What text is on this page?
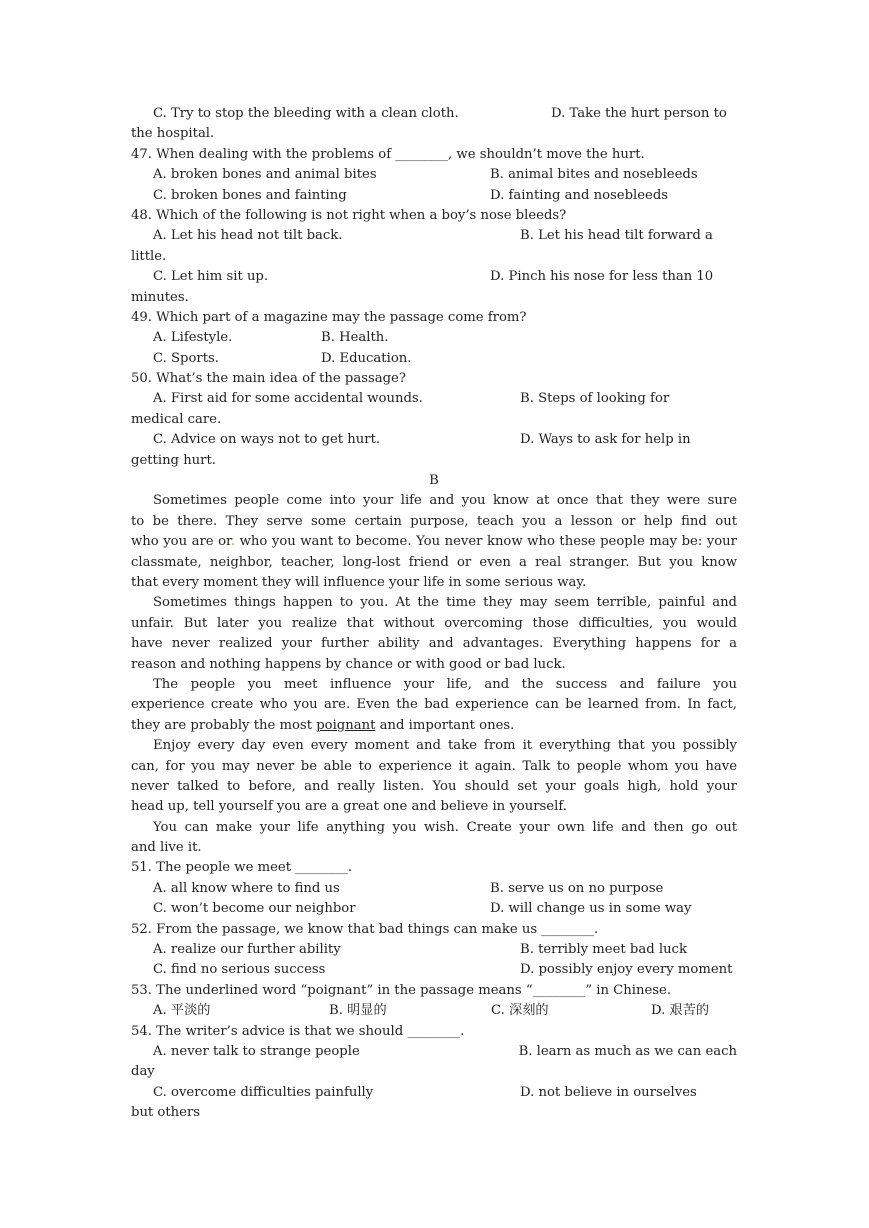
C. Try to stop the bleeding with a clean cloth.	D. Take the hurt person to
the hospital.
47. When dealing with the problems of ________, we shouldn’t move the hurt.
A. broken bones and animal bites	B. animal bites and nosebleeds
C. broken bones and fainting	D. fainting and nosebleeds
48. Which of the following is not right when a boy’s nose bleeds?
A. Let his head not tilt back.	B. Let his head tilt forward a
little.
C. Let him sit up.	D. Pinch his nose for less than 10
minutes.
49. Which part of a magazine may the passage come from?
A. Lifestyle.	B. Health.
C. Sports.	D. Education.
50. What’s the main idea of the passage?
A. First aid for some accidental wounds.	B. Steps of looking for
medical care.
C. Advice on ways not to get hurt.	D. Ways to ask for help in
getting hurt.
B
Sometimes people come into your life and you know at once that they were sure
to be there. They serve some certain purpose, teach you a lesson or help find out
who you are or. who you want to become. You never know who these people may be: your
classmate, neighbor, teacher, long-lost friend or even a real stranger. But you know
that every moment they will influence your life in some serious way.
Sometimes things happen to you. At the time they may seem terrible, painful and
unfair. But later you realize that without overcoming those difficulties, you would
have never realized your further ability and advantages. Everything happens for a
reason and nothing happens by chance or with good or bad luck.
The people you meet influence your life, and the success and failure you
experience create who you are. Even the bad experience can be learned from. In fact,
they are probably the most poignant and important ones.
Enjoy every day even every moment and take from it everything that you possibly
can, for you may never be able to experience it again. Talk to people whom you have
never talked to before, and really listen. You should set your goals high, hold your
head up, tell yourself you are a great one and believe in yourself.
You can make your life anything you wish. Create your own life and then go out
and live it.
51. The people we meet ________.
A. all know where to find us	B. serve us on no purpose
C. won’t become our neighbor	D. will change us in some way
52. From the passage, we know that bad things can make us ________.
A. realize our further ability	B. terribly meet bad luck
C. find no serious success	D. possibly enjoy every moment
53. The underlined word “poignant” in the passage means “________” in Chinese.
A. 平淡的	B. 明显的	C. 深刻的	D. 艰苦的
54. The writer’s advice is that we should ________.
A. never talk to strange people	B. learn as much as we can each
day
C. overcome difficulties painfully	D. not believe in ourselves
but others
